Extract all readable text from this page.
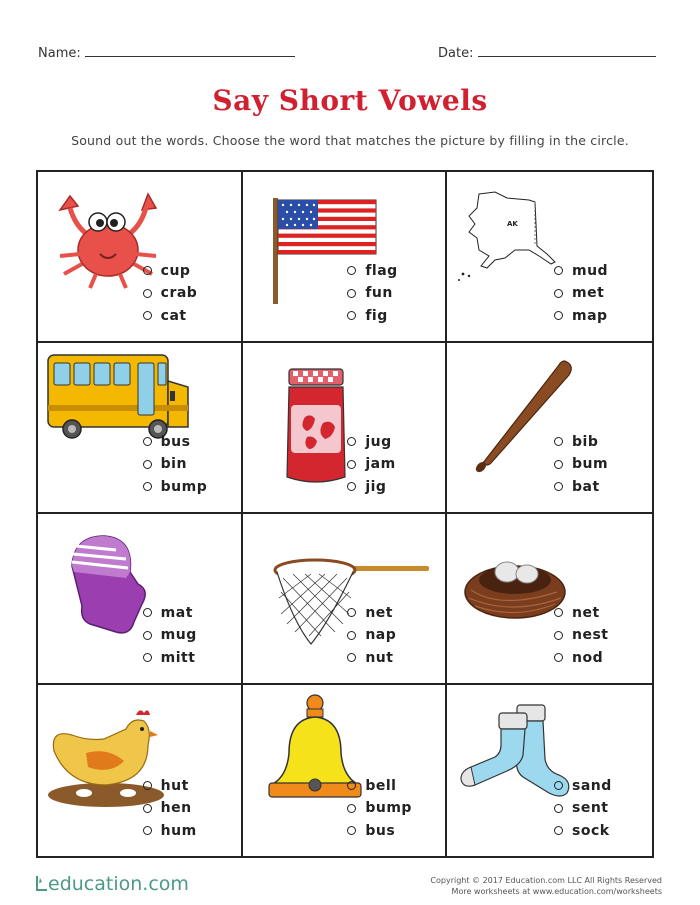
Name:	Date:
Say Short Vowels
Sound out the words. Choose the word that matches the picture by filling in the circle.
cup
crab
cat
flag
fun
fig
AK
mud
met
map
bus
bin
bump
jug
jam
jig
bib
bum
bat
mat
mug
mitt
net
nap
nut
net
nest
nod
hut
hen
hum
bell
bump
bus
sand
sent
sock
education.com	Copyright © 2017 Education.com LLC All Rights Reserved
More worksheets at www.education.com/worksheets
